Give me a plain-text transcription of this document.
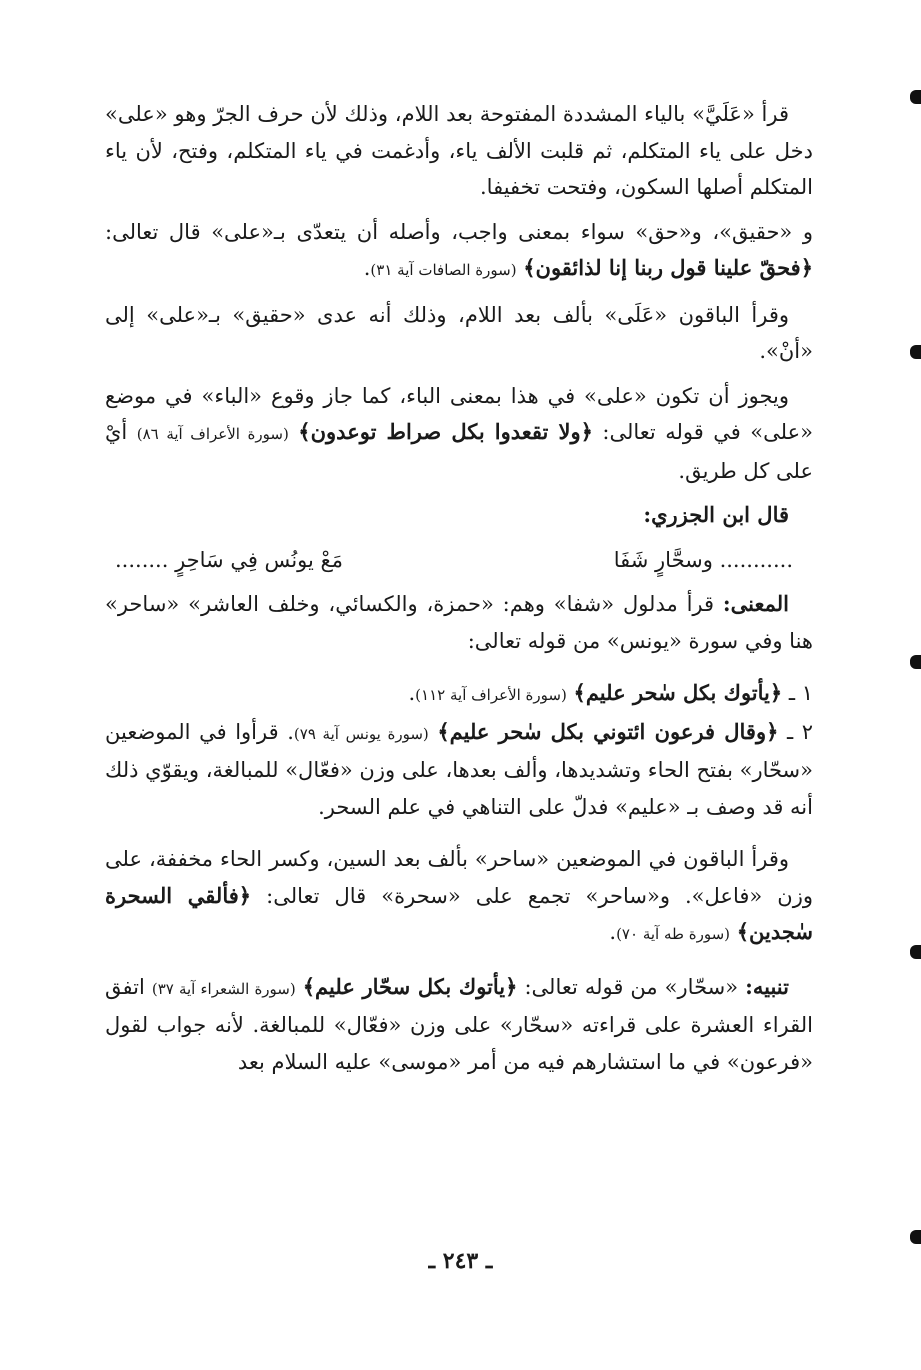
قرأ «عَلَيَّ» بالياء المشددة المفتوحة بعد اللام، وذلك لأن حرف الجرّ وهو «على» دخل على ياء المتكلم، ثم قلبت الألف ياء، وأدغمت في ياء المتكلم، وفتح، لأن ياء المتكلم أصلها السكون، وفتحت تخفيفا.

و «حقيق»، و«حق» سواء بمعنى واجب، وأصله أن يتعدّى بـ«على» قال تعالى: ﴿فحقّ علينا قول ربنا إنا لذائقون﴾ (سورة الصافات آية ٣١).

وقرأ الباقون «عَلَى» بألف بعد اللام، وذلك أنه عدى «حقيق» بـ«على» إلى «أنْ».

ويجوز أن تكون «على» في هذا بمعنى الباء، كما جاز وقوع «الباء» في موضع «على» في قوله تعالى: ﴿ولا تقعدوا بكل صراط توعدون﴾ (سورة الأعراف آية ٨٦) أيْ على كل طريق.

قال ابن الجزري:

........... وسحَّارٍ شَفَا
مَعْ يونُس فِي سَاحِرٍ ........

المعنى: قرأ مدلول «شفا» وهم: «حمزة، والكسائي، وخلف العاشر» «ساحر» هنا وفي سورة «يونس» من قوله تعالى:

١ ـ ﴿يأتوك بكل سٰحر عليم﴾ (سورة الأعراف آية ١١٢).

٢ ـ ﴿وقال فرعون ائتوني بكل سٰحر عليم﴾ (سورة يونس آية ٧٩). قرأوا في الموضعين «سحّار» بفتح الحاء وتشديدها، وألف بعدها، على وزن «فعّال» للمبالغة، ويقوّي ذلك أنه قد وصف بـ «عليم» فدلّ على التناهي في علم السحر.

وقرأ الباقون في الموضعين «ساحر» بألف بعد السين، وكسر الحاء مخففة، على وزن «فاعل». و«ساحر» تجمع على «سحرة» قال تعالى: ﴿فألقي السحرة سٰجدين﴾ (سورة طه آية ٧٠).

تنبيه: «سحّار» من قوله تعالى: ﴿يأتوك بكل سحّار عليم﴾ (سورة الشعراء آية ٣٧) اتفق القراء العشرة على قراءته «سحّار» على وزن «فعّال» للمبالغة. لأنه جواب لقول «فرعون» في ما استشارهم فيه من أمر «موسى» عليه السلام بعد

ـ ٢٤٣ ـ
